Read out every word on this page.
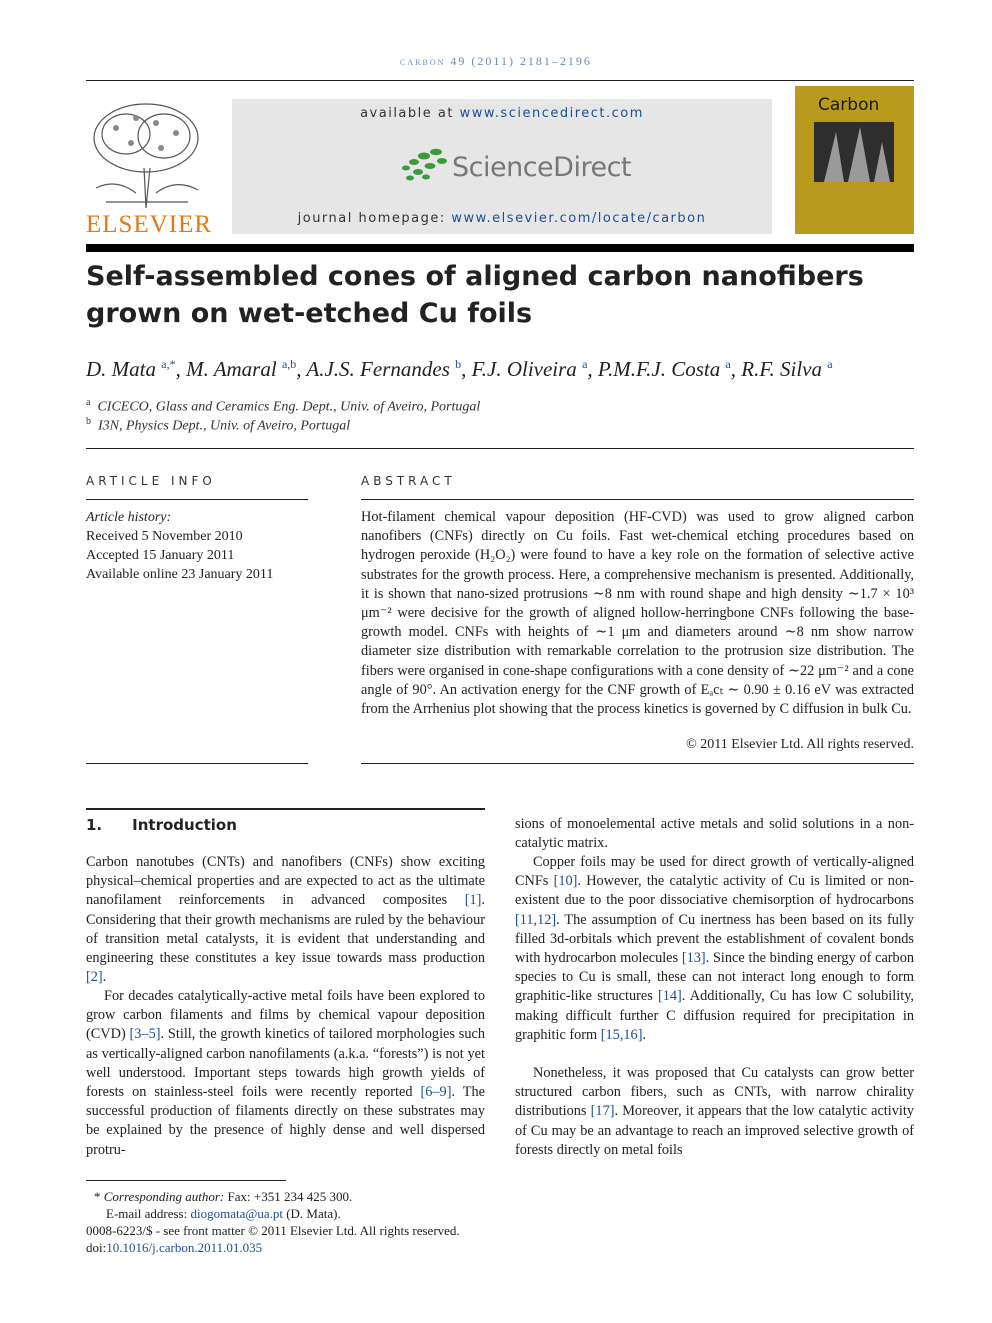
carbon 49 (2011) 2181–2196
ELSEVIER
available at www.sciencedirect.com
ScienceDirect
journal homepage: www.elsevier.com/locate/carbon
Carbon
Self-assembled cones of aligned carbon nanofibers grown on wet-etched Cu foils
D. Mata $^{a,*}$, M. Amaral $^{a,b}$, A.J.S. Fernandes $^b$, F.J. Oliveira $^a$, P.M.F.J. Costa $^a$, R.F. Silva $^a$
$^a$ CICECO, Glass and Ceramics Eng. Dept., Univ. of Aveiro, Portugal
$^b$ I3N, Physics Dept., Univ. of Aveiro, Portugal
ARTICLE INFO
Article history:
Received 5 November 2010
Accepted 15 January 2011
Available online 23 January 2011
ABSTRACT
Hot-filament chemical vapour deposition (HF-CVD) was used to grow aligned carbon nanofibers (CNFs) directly on Cu foils. Fast wet-chemical etching procedures based on hydrogen peroxide (H₂O₂) were found to have a key role on the formation of selective active substrates for the growth process. Here, a comprehensive mechanism is presented. Additionally, it is shown that nano-sized protrusions ∼8 nm with round shape and high density ∼1.7 × 10³ μm⁻² were decisive for the growth of aligned hollow-herringbone CNFs following the base-growth model. CNFs with heights of ∼1 μm and diameters around ∼8 nm show narrow diameter size distribution with remarkable correlation to the protrusion size distribution. The fibers were organised in cone-shape configurations with a cone density of ∼22 μm⁻² and a cone angle of 90°. An activation energy for the CNF growth of Eₐcₜ ∼ 0.90 ± 0.16 eV was extracted from the Arrhenius plot showing that the process kinetics is governed by C diffusion in bulk Cu.
© 2011 Elsevier Ltd. All rights reserved.
1. Introduction
Carbon nanotubes (CNTs) and nanofibers (CNFs) show exciting physical–chemical properties and are expected to act as the ultimate nanofilament reinforcements in advanced composites [1]. Considering that their growth mechanisms are ruled by the behaviour of transition metal catalysts, it is evident that understanding and engineering these constitutes a key issue towards mass production [2].
For decades catalytically-active metal foils have been explored to grow carbon filaments and films by chemical vapour deposition (CVD) [3–5]. Still, the growth kinetics of tailored morphologies such as vertically-aligned carbon nanofilaments (a.k.a. “forests”) is not yet well understood. Important steps towards high growth yields of forests on stainless-steel foils were recently reported [6–9]. The successful production of filaments directly on these substrates may be explained by the presence of highly dense and well dispersed protru-
sions of monoelemental active metals and solid solutions in a non-catalytic matrix.
Copper foils may be used for direct growth of vertically-aligned CNFs [10]. However, the catalytic activity of Cu is limited or non-existent due to the poor dissociative chemisorption of hydrocarbons [11,12]. The assumption of Cu inertness has been based on its fully filled 3d-orbitals which prevent the establishment of covalent bonds with hydrocarbon molecules [13]. Since the binding energy of carbon species to Cu is small, these can not interact long enough to form graphitic-like structures [14]. Additionally, Cu has low C solubility, making difficult further C diffusion required for precipitation in graphitic form [15,16].
Nonetheless, it was proposed that Cu catalysts can grow better structured carbon fibers, such as CNTs, with narrow chirality distributions [17]. Moreover, it appears that the low catalytic activity of Cu may be an advantage to reach an improved selective growth of forests directly on metal foils
* Corresponding author: Fax: +351 234 425 300.
E-mail address: diogomata@ua.pt (D. Mata).
0008-6223/$ - see front matter © 2011 Elsevier Ltd. All rights reserved.
doi:10.1016/j.carbon.2011.01.035
